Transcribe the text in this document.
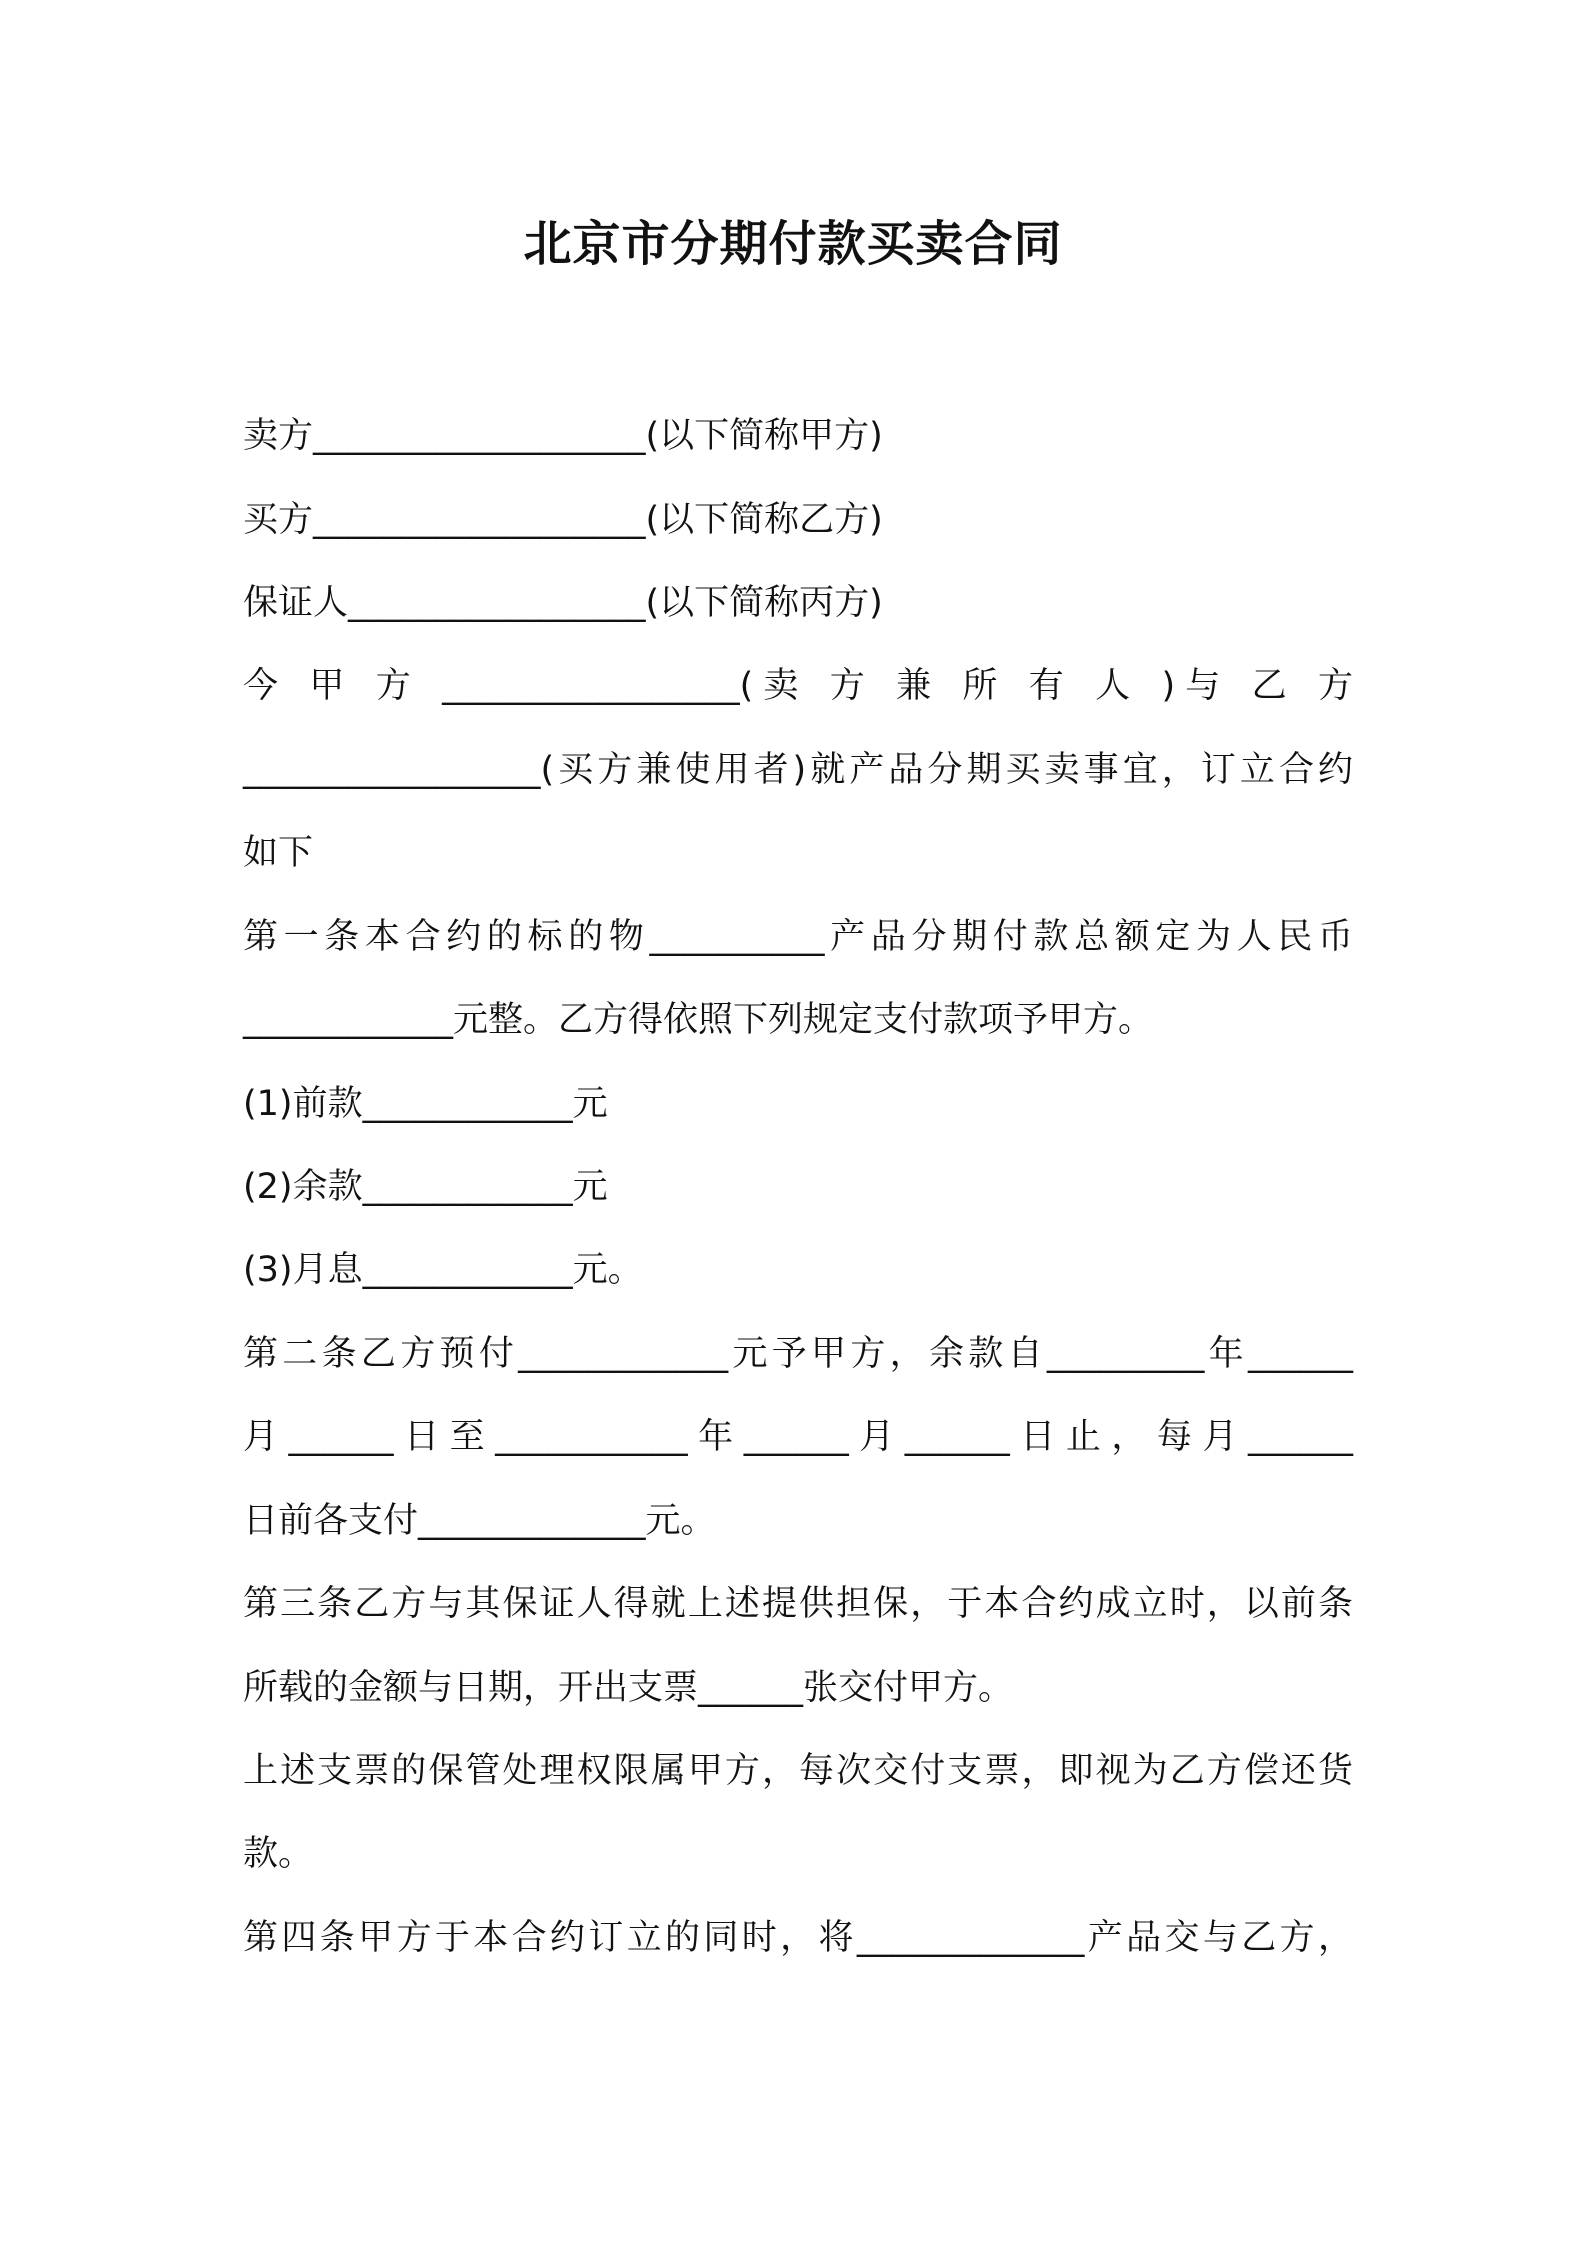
北京市分期付款买卖合同
卖方___________________(以下简称甲方)
买方___________________(以下简称乙方)
保证人_________________(以下简称丙方)
今 甲 方 _________________(卖 方 兼 所 有 人 )与 乙 方
_________________(买方兼使用者)就产品分期买卖事宜，订立合约
如下
第一条本合约的标的物__________产品分期付款总额定为人民币
____________元整。乙方得依照下列规定支付款项予甲方。
(1)前款____________元
(2)余款____________元
(3)月息____________元。
第二条乙方预付____________元予甲方，余款自_________年______
月______日至___________年______月______日止，每月______
日前各支付_____________元。
第三条乙方与其保证人得就上述提供担保，于本合约成立时，以前条
所载的金额与日期，开出支票______张交付甲方。
上述支票的保管处理权限属甲方，每次交付支票，即视为乙方偿还货
款。
第四条甲方于本合约订立的同时，将_____________产品交与乙方，
